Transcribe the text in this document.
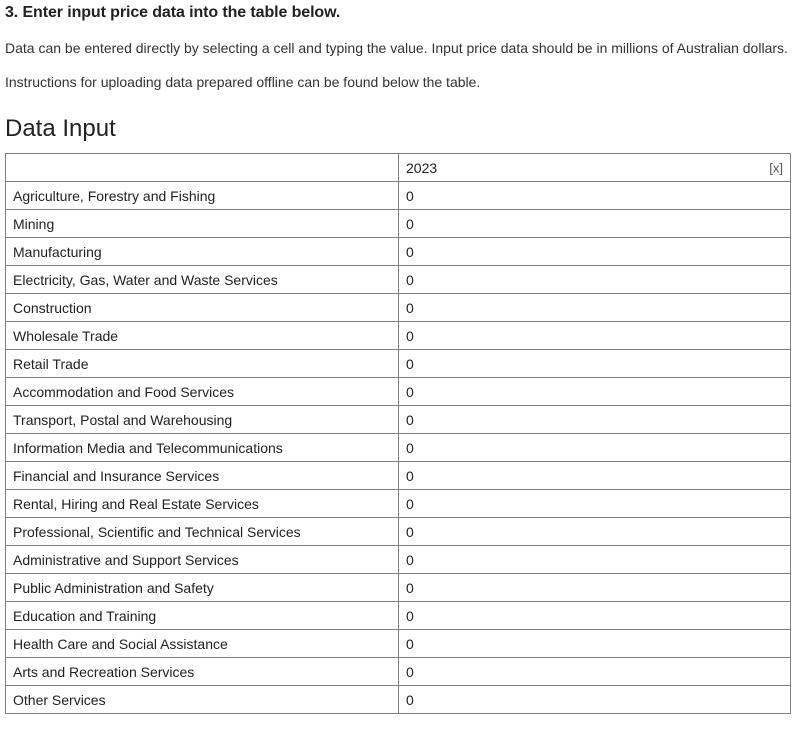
3. Enter input price data into the table below.
Data can be entered directly by selecting a cell and typing the value. Input price data should be in millions of Australian dollars.
Instructions for uploading data prepared offline can be found below the table.
Data Input
	2023 [x]

Agriculture, Forestry and Fishing	0
Mining	0
Manufacturing	0
Electricity, Gas, Water and Waste Services	0
Construction	0
Wholesale Trade	0
Retail Trade	0
Accommodation and Food Services	0
Transport, Postal and Warehousing	0
Information Media and Telecommunications	0
Financial and Insurance Services	0
Rental, Hiring and Real Estate Services	0
Professional, Scientific and Technical Services	0
Administrative and Support Services	0
Public Administration and Safety	0
Education and Training	0
Health Care and Social Assistance	0
Arts and Recreation Services	0
Other Services	0
